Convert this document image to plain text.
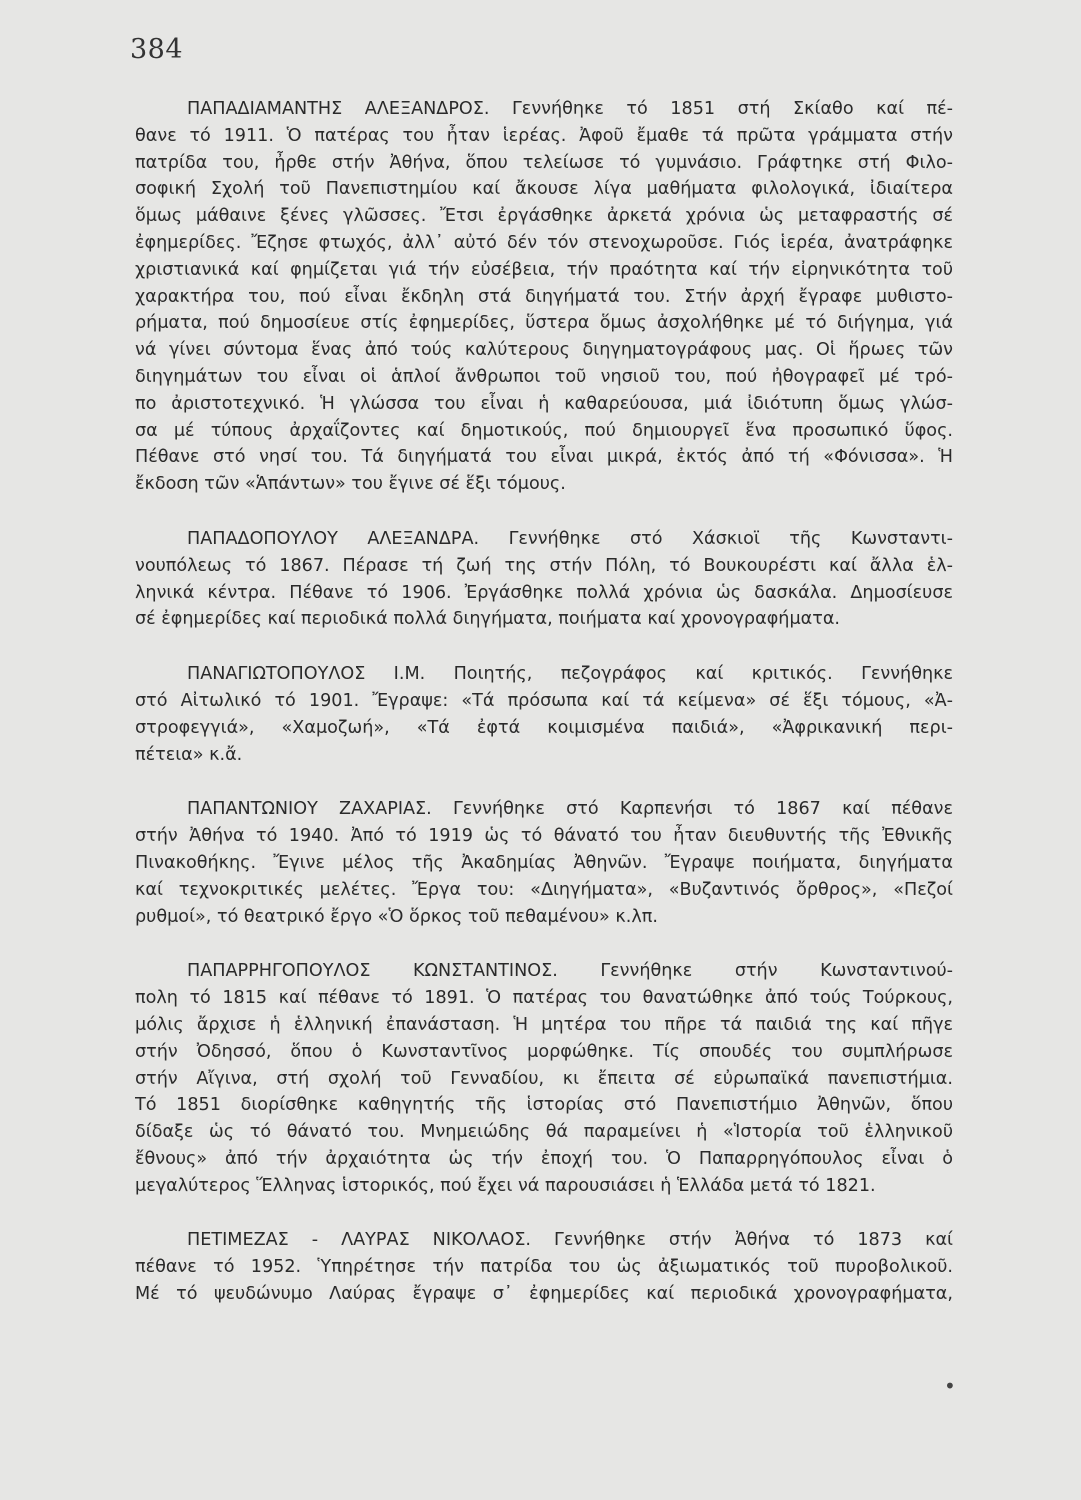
384
ΠΑΠΑΔΙΑΜΑΝΤΗΣ ΑΛΕΞΑΝΔΡΟΣ. Γεννήθηκε τό 1851 στή Σκίαθο καί πέ-
θανε τό 1911. Ὁ πατέρας του ἦταν ἱερέας. Ἀφοῦ ἔμαθε τά πρῶτα γράμματα στήν
πατρίδα του, ἦρθε στήν Ἀθήνα, ὅπου τελείωσε τό γυμνάσιο. Γράφτηκε στή Φιλο-
σοφική Σχολή τοῦ Πανεπιστημίου καί ἄκουσε λίγα μαθήματα φιλολογικά, ἰδιαίτερα
ὅμως μάθαινε ξένες γλῶσσες. Ἔτσι ἐργάσθηκε ἀρκετά χρόνια ὡς μεταφραστής σέ
ἐφημερίδες. Ἔζησε φτωχός, ἀλλ᾿ αὐτό δέν τόν στενοχωροῦσε. Γιός ἱερέα, ἀνατράφηκε
χριστιανικά καί φημίζεται γιά τήν εὐσέβεια, τήν πραότητα καί τήν εἰρηνικότητα τοῦ
χαρακτήρα του, πού εἶναι ἔκδηλη στά διηγήματά του. Στήν ἀρχή ἔγραφε μυθιστο-
ρήματα, πού δημοσίευε στίς ἐφημερίδες, ὕστερα ὅμως ἀσχολήθηκε μέ τό διήγημα, γιά
νά γίνει σύντομα ἕνας ἀπό τούς καλύτερους διηγηματογράφους μας. Οἱ ἥρωες τῶν
διηγημάτων του εἶναι οἱ ἁπλοί ἄνθρωποι τοῦ νησιοῦ του, πού ἠθογραφεῖ μέ τρό-
πο ἀριστοτεχνικό. Ἡ γλώσσα του εἶναι ἡ καθαρεύουσα, μιά ἰδιότυπη ὅμως γλώσ-
σα μέ τύπους ἀρχαΐζοντες καί δημοτικούς, πού δημιουργεῖ ἕνα προσωπικό ὕφος.
Πέθανε στό νησί του. Τά διηγήματά του εἶναι μικρά, ἐκτός ἀπό τή «Φόνισσα». Ἡ
ἔκδοση τῶν «Ἁπάντων» του ἔγινε σέ ἕξι τόμους.
ΠΑΠΑΔΟΠΟΥΛΟΥ ΑΛΕΞΑΝΔΡΑ. Γεννήθηκε στό Χάσκιοϊ τῆς Κωνσταντι-
νουπόλεως τό 1867. Πέρασε τή ζωή της στήν Πόλη, τό Βουκουρέστι καί ἄλλα ἑλ-
ληνικά κέντρα. Πέθανε τό 1906. Ἐργάσθηκε πολλά χρόνια ὡς δασκάλα. Δημοσίευσε
σέ ἐφημερίδες καί περιοδικά πολλά διηγήματα, ποιήματα καί χρονογραφήματα.
ΠΑΝΑΓΙΩΤΟΠΟΥΛΟΣ Ι.Μ. Ποιητής, πεζογράφος καί κριτικός. Γεννήθηκε
στό Αἰτωλικό τό 1901. Ἔγραψε: «Τά πρόσωπα καί τά κείμενα» σέ ἕξι τόμους, «Ἀ-
στροφεγγιά», «Χαμοζωή», «Τά ἐφτά κοιμισμένα παιδιά», «Ἀφρικανική περι-
πέτεια» κ.ἄ.
ΠΑΠΑΝΤΩΝΙΟΥ ΖΑΧΑΡΙΑΣ. Γεννήθηκε στό Καρπενήσι τό 1867 καί πέθανε
στήν Ἀθήνα τό 1940. Ἀπό τό 1919 ὡς τό θάνατό του ἦταν διευθυντής τῆς Ἐθνικῆς
Πινακοθήκης. Ἔγινε μέλος τῆς Ἀκαδημίας Ἀθηνῶν. Ἔγραψε ποιήματα, διηγήματα
καί τεχνοκριτικές μελέτες. Ἔργα του: «Διηγήματα», «Βυζαντινός ὄρθρος», «Πεζοί
ρυθμοί», τό θεατρικό ἔργο «Ὁ ὅρκος τοῦ πεθαμένου» κ.λπ.
ΠΑΠΑΡΡΗΓΟΠΟΥΛΟΣ ΚΩΝΣΤΑΝΤΙΝΟΣ. Γεννήθηκε στήν Κωνσταντινού-
πολη τό 1815 καί πέθανε τό 1891. Ὁ πατέρας του θανατώθηκε ἀπό τούς Τούρκους,
μόλις ἄρχισε ἡ ἑλληνική ἐπανάσταση. Ἡ μητέρα του πῆρε τά παιδιά της καί πῆγε
στήν Ὀδησσό, ὅπου ὁ Κωνσταντῖνος μορφώθηκε. Τίς σπουδές του συμπλήρωσε
στήν Αἴγινα, στή σχολή τοῦ Γενναδίου, κι ἔπειτα σέ εὐρωπαϊκά πανεπιστήμια.
Τό 1851 διορίσθηκε καθηγητής τῆς ἱστορίας στό Πανεπιστήμιο Ἀθηνῶν, ὅπου
δίδαξε ὡς τό θάνατό του. Μνημειώδης θά παραμείνει ἡ «Ἱστορία τοῦ ἑλληνικοῦ
ἔθνους» ἀπό τήν ἀρχαιότητα ὡς τήν ἐποχή του. Ὁ Παπαρρηγόπουλος εἶναι ὁ
μεγαλύτερος Ἕλληνας ἱστορικός, πού ἔχει νά παρουσιάσει ἡ Ἑλλάδα μετά τό 1821.
ΠΕΤΙΜΕΖΑΣ - ΛΑΥΡΑΣ ΝΙΚΟΛΑΟΣ. Γεννήθηκε στήν Ἀθήνα τό 1873 καί
πέθανε τό 1952. Ὑπηρέτησε τήν πατρίδα του ὡς ἀξιωματικός τοῦ πυροβολικοῦ.
Μέ τό ψευδώνυμο Λαύρας ἔγραψε σ᾿ ἐφημερίδες καί περιοδικά χρονογραφήματα,
•
